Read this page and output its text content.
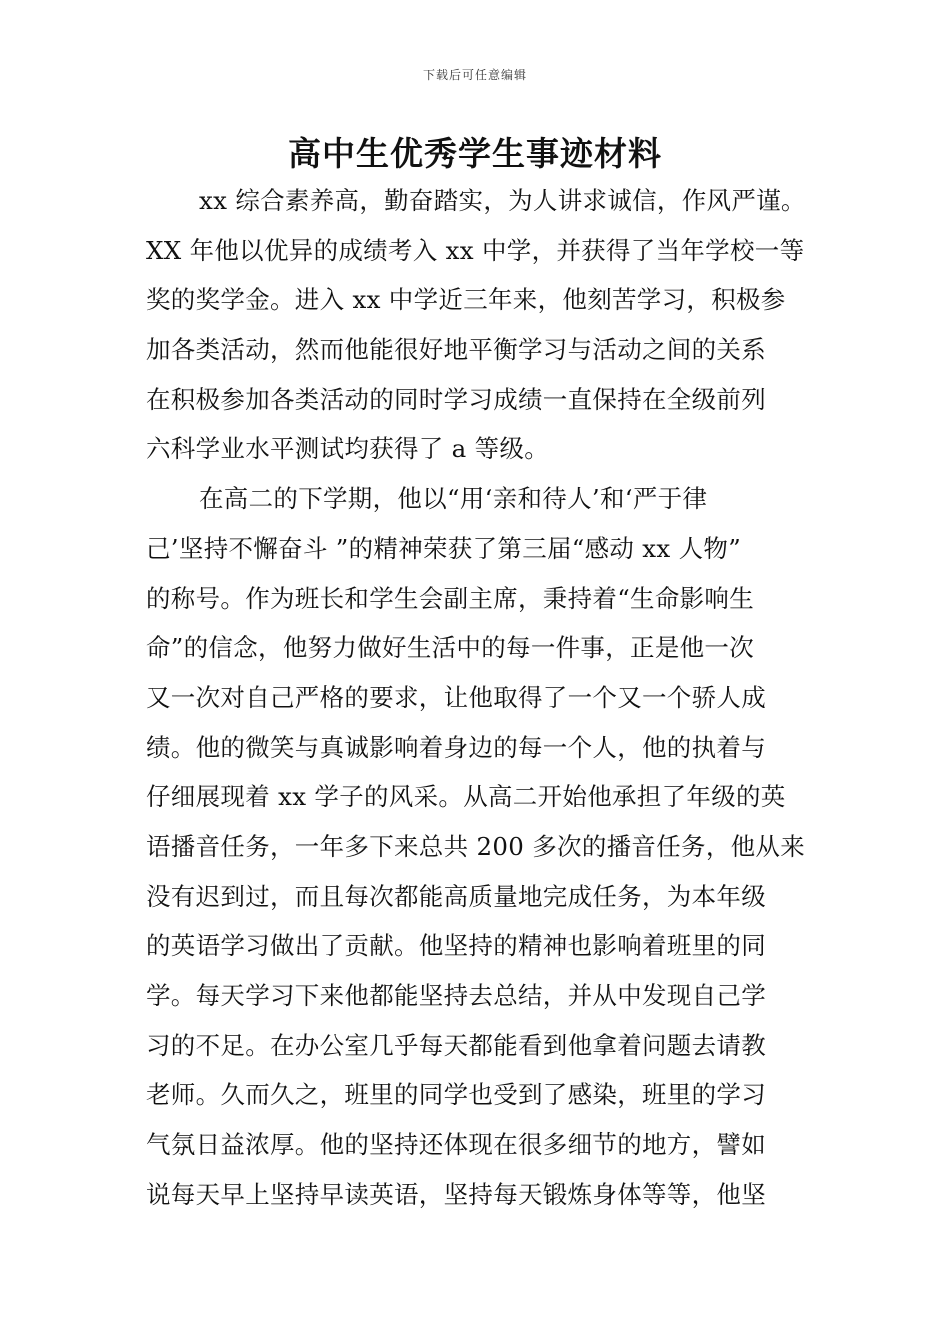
下载后可任意编辑
高中生优秀学生事迹材料
xx 综合素养高，勤奋踏实，为人讲求诚信，作风严谨。
XX 年他以优异的成绩考入 xx 中学，并获得了当年学校一等
奖的奖学金。进入 xx 中学近三年来，他刻苦学习，积极参
加各类活动，然而他能很好地平衡学习与活动之间的关系
在积极参加各类活动的同时学习成绩一直保持在全级前列
六科学业水平测试均获得了 a 等级。
在高二的下学期，他以“用‘亲和待人’和‘严于律
己’坚持不懈奋斗 ”的精神荣获了第三届“感动 xx 人物”
的称号。作为班长和学生会副主席，秉持着“生命影响生
命”的信念，他努力做好生活中的每一件事，正是他一次
又一次对自己严格的要求，让他取得了一个又一个骄人成
绩。他的微笑与真诚影响着身边的每一个人，他的执着与
仔细展现着 xx 学子的风采。从高二开始他承担了年级的英
语播音任务，一年多下来总共 200 多次的播音任务，他从来
没有迟到过，而且每次都能高质量地完成任务，为本年级
的英语学习做出了贡献。他坚持的精神也影响着班里的同
学。每天学习下来他都能坚持去总结，并从中发现自己学
习的不足。在办公室几乎每天都能看到他拿着问题去请教
老师。久而久之，班里的同学也受到了感染，班里的学习
气氛日益浓厚。他的坚持还体现在很多细节的地方，譬如
说每天早上坚持早读英语，坚持每天锻炼身体等等，他坚
